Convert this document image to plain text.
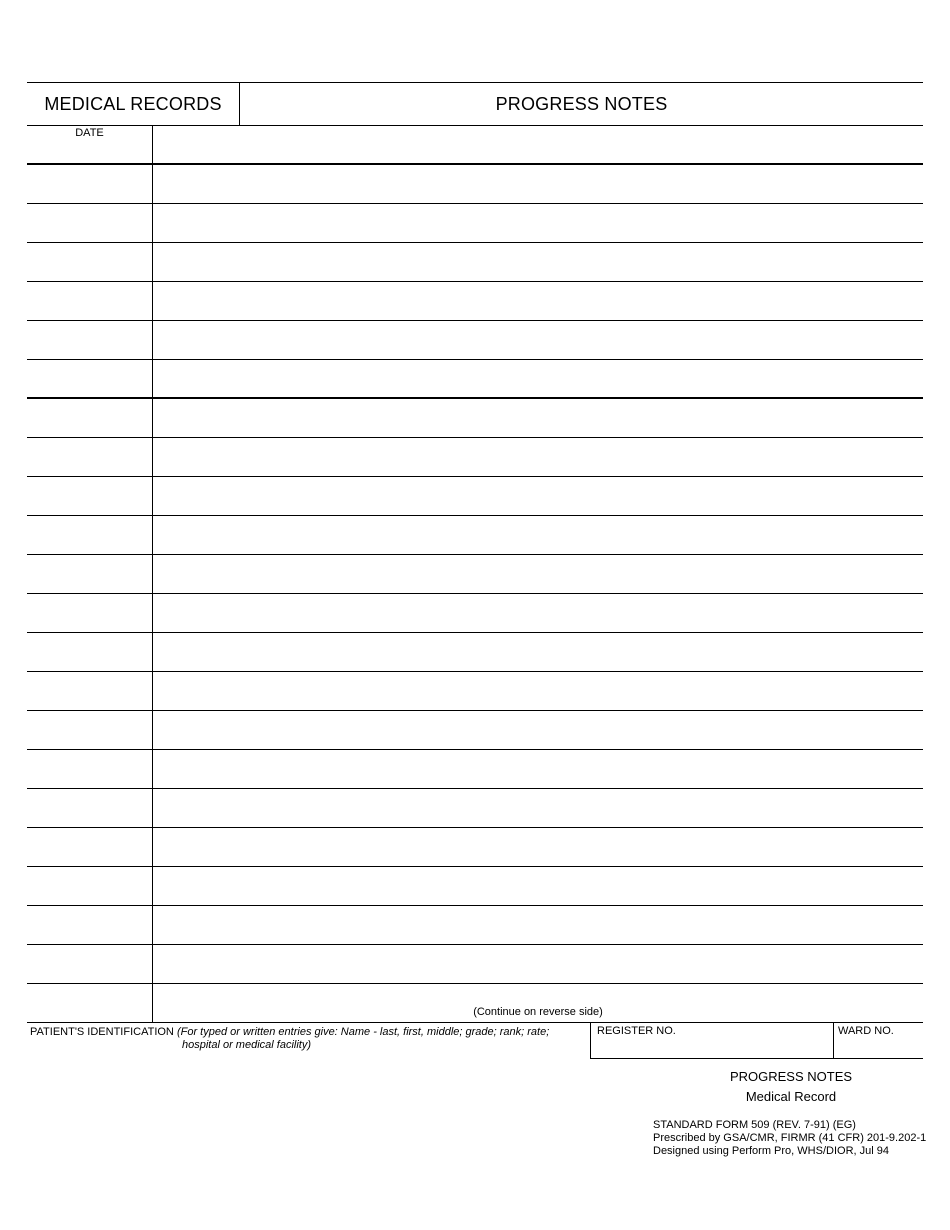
MEDICAL RECORDS	PROGRESS NOTES
DATE
(Continue on reverse side)
PATIENT'S IDENTIFICATION (For typed or written entries give: Name - last, first, middle; grade; rank; rate;
hospital or medical facility)
REGISTER NO.	WARD NO.
PROGRESS NOTES
Medical Record
STANDARD FORM 509 (REV. 7-91) (EG)
Prescribed by GSA/CMR, FIRMR (41 CFR) 201-9.202-1
Designed using Perform Pro, WHS/DIOR, Jul 94
